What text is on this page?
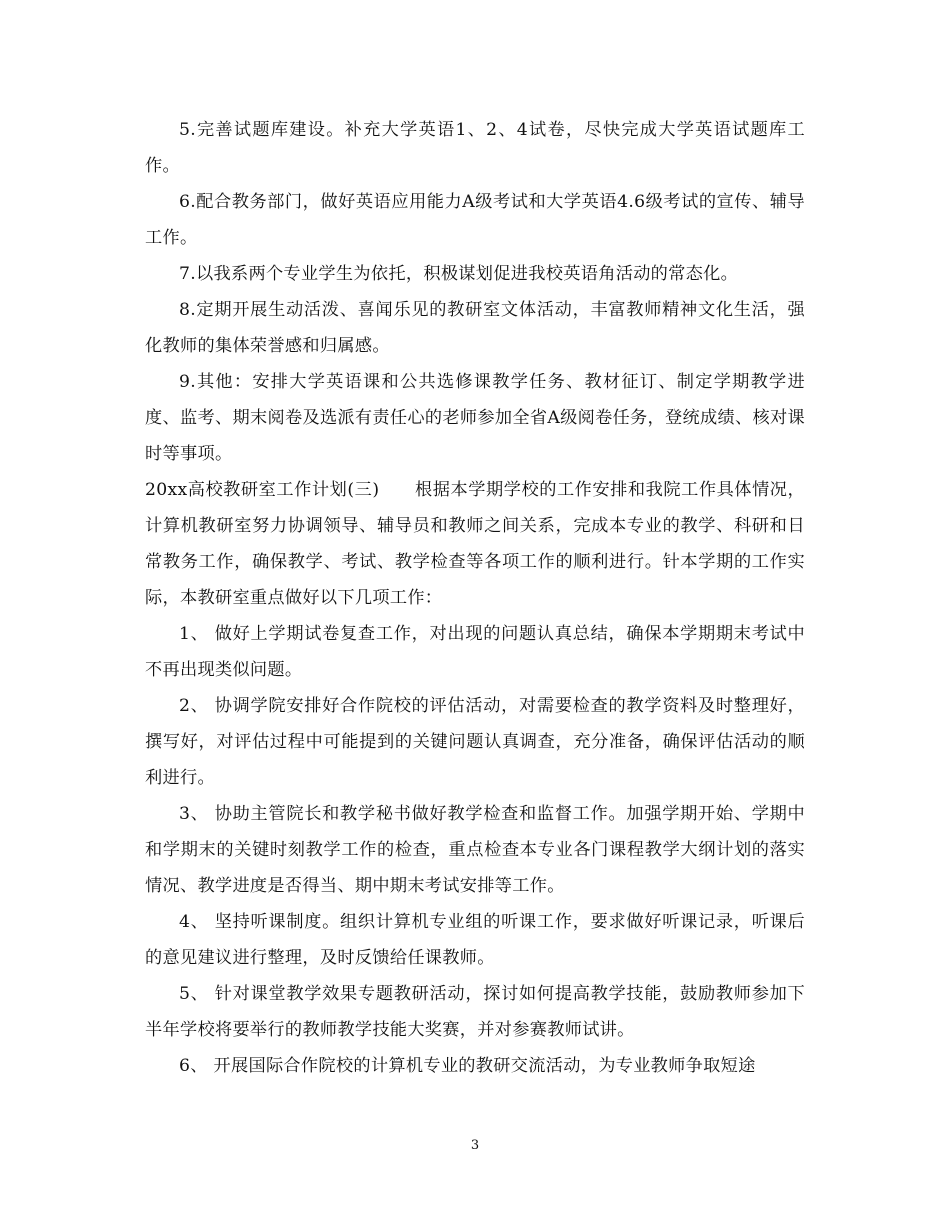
5.完善试题库建设。补充大学英语1、2、4试卷，尽快完成大学英语试题库工作。

6.配合教务部门，做好英语应用能力A级考试和大学英语4.6级考试的宣传、辅导工作。

7.以我系两个专业学生为依托，积极谋划促进我校英语角活动的常态化。

8.定期开展生动活泼、喜闻乐见的教研室文体活动，丰富教师精神文化生活，强化教师的集体荣誉感和归属感。

9.其他：安排大学英语课和公共选修课教学任务、教材征订、制定学期教学进度、监考、期末阅卷及选派有责任心的老师参加全省A级阅卷任务，登统成绩、核对课时等事项。

20xx高校教研室工作计划(三)　　根据本学期学校的工作安排和我院工作具体情况，计算机教研室努力协调领导、辅导员和教师之间关系，完成本专业的教学、科研和日常教务工作，确保教学、考试、教学检查等各项工作的顺利进行。针本学期的工作实际，本教研室重点做好以下几项工作：

1、 做好上学期试卷复查工作，对出现的问题认真总结，确保本学期期末考试中不再出现类似问题。

2、 协调学院安排好合作院校的评估活动，对需要检查的教学资料及时整理好，撰写好，对评估过程中可能提到的关键问题认真调查，充分准备，确保评估活动的顺利进行。

3、 协助主管院长和教学秘书做好教学检查和监督工作。加强学期开始、学期中和学期末的关键时刻教学工作的检查，重点检查本专业各门课程教学大纲计划的落实情况、教学进度是否得当、期中期末考试安排等工作。

4、 坚持听课制度。组织计算机专业组的听课工作，要求做好听课记录，听课后的意见建议进行整理，及时反馈给任课教师。

5、 针对课堂教学效果专题教研活动，探讨如何提高教学技能，鼓励教师参加下半年学校将要举行的教师教学技能大奖赛，并对参赛教师试讲。

6、 开展国际合作院校的计算机专业的教研交流活动，为专业教师争取短途

3
